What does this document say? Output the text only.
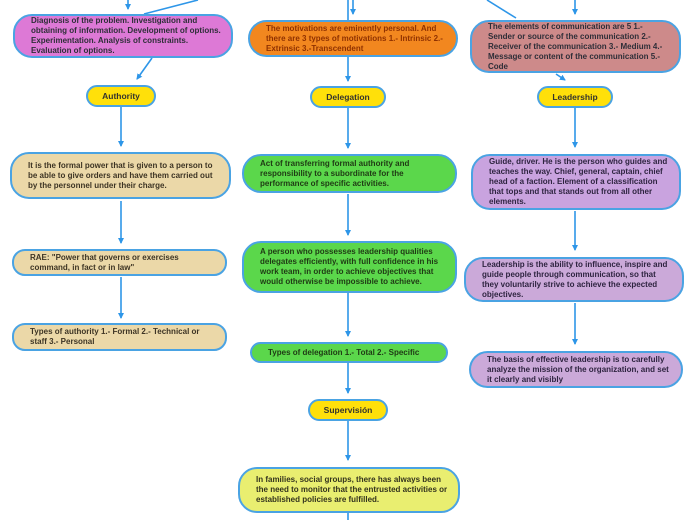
Diagnosis of the problem. Investigation and obtaining of information. Development of options. Experimentation. Analysis of constraints. Evaluation of options.
The motivations are eminently personal. And there are 3 types of motivations 1.- Intrinsic 2.-Extrinsic 3.-Transcendent
The elements of communication are 5 1.- Sender or source of the communication 2.- Receiver of the communication 3.- Medium 4.- Message or content of the communication 5.- Code
Authority	Delegation	Leadership
It is the formal power that is given to a person to be able to give orders and have them carried out by the personnel under their charge.
RAE: "Power that governs or exercises command, in fact or in law"
Types of authority 1.- Formal 2.- Technical or staff 3.- Personal
Act of transferring formal authority and responsibility to a subordinate for the performance of specific activities.
A person who possesses leadership qualities delegates efficiently, with full confidence in his work team, in order to achieve objectives that would otherwise be impossible to achieve.
Types of delegation 1.- Total 2.- Specific
Supervisión
In families, social groups, there has always been the need to monitor that the entrusted activities or established policies are fulfilled.
Guide, driver. He is the person who guides and teaches the way. Chief, general, captain, chief head of a faction. Element of a classification that tops and that stands out from all other elements.
Leadership is the ability to influence, inspire and guide people through communication, so that they voluntarily strive to achieve the expected objectives.
The basis of effective leadership is to carefully analyze the mission of the organization, and set it clearly and visibly
